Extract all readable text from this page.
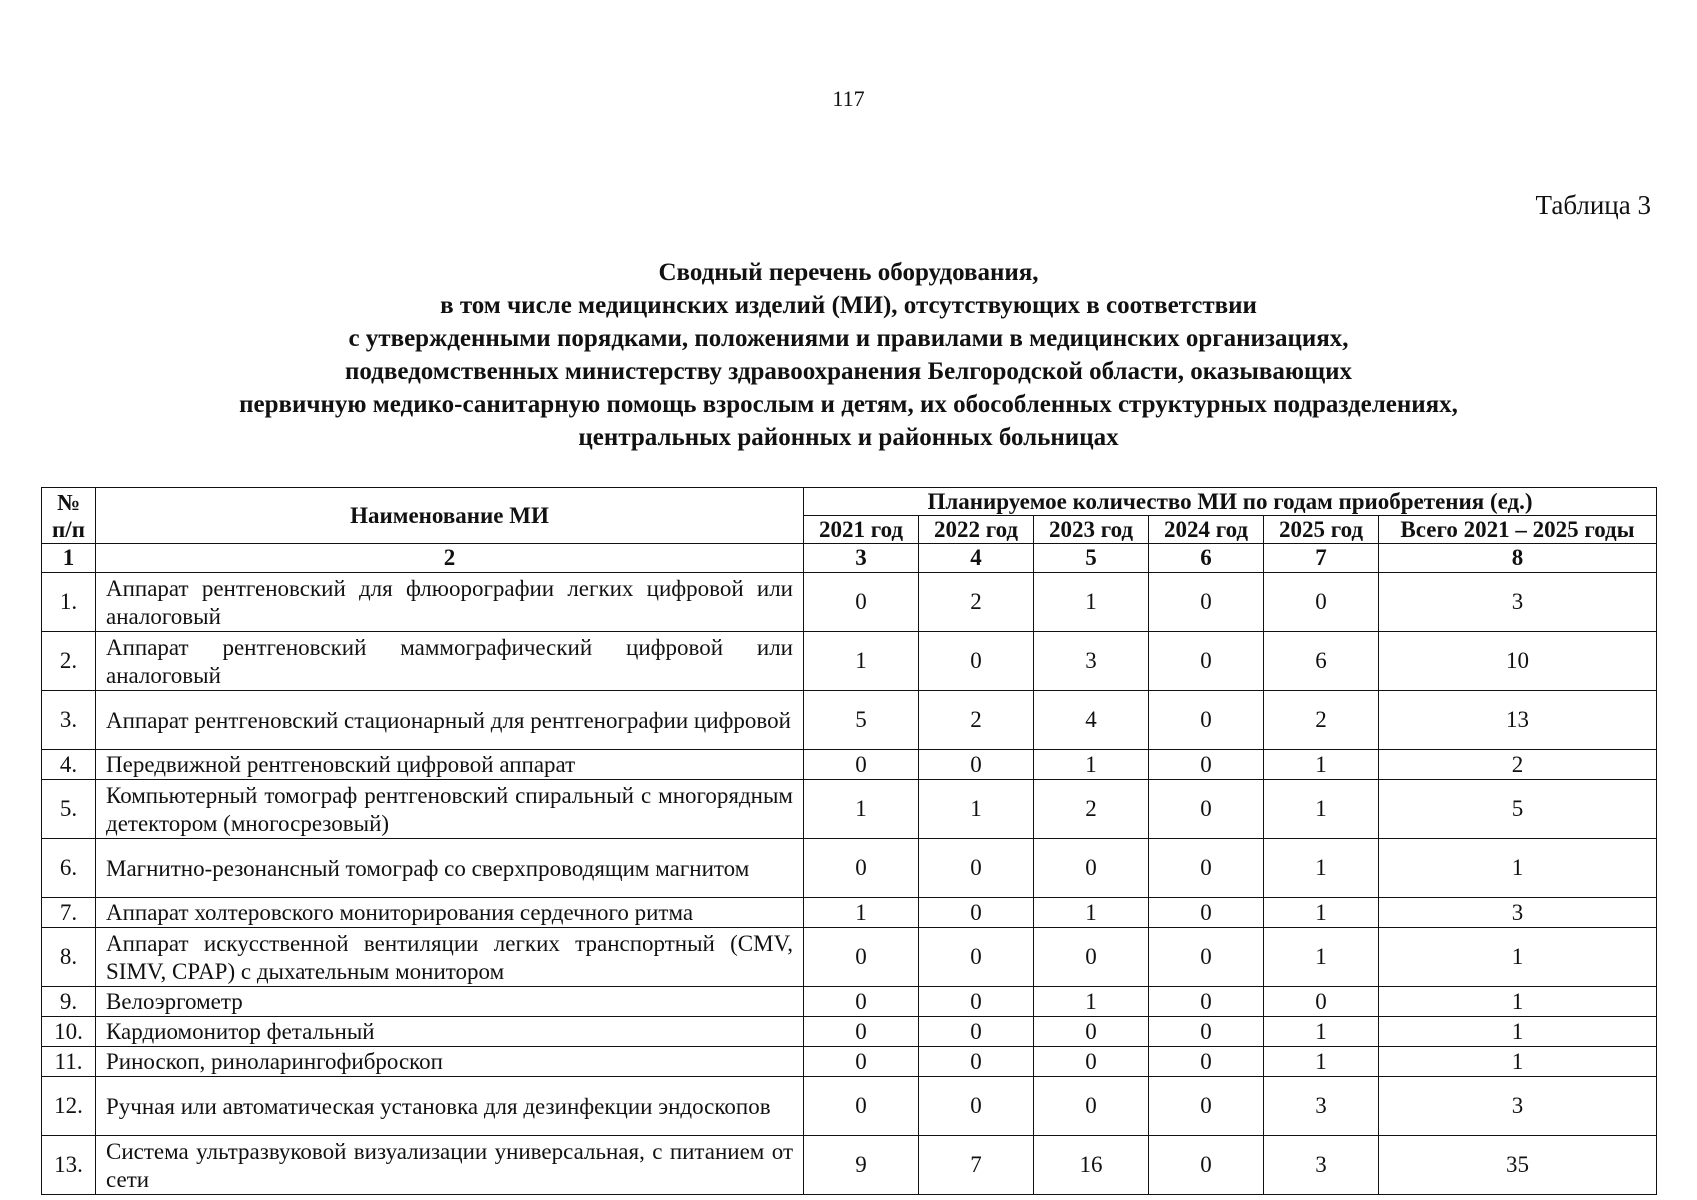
117
Таблица 3
Сводный перечень оборудования,
в том числе медицинских изделий (МИ), отсутствующих в соответствии
с утвержденными порядками, положениями и правилами в медицинских организациях,
подведомственных министерству здравоохранения Белгородской области, оказывающих
первичную медико-санитарную помощь взрослым и детям, их обособленных структурных подразделениях,
центральных районных и районных больницах
№ п/п	Наименование МИ	Планируемое количество МИ по годам приобретения (ед.)					
		2021 год	2022 год	2023 год	2024 год	2025 год	Всего 2021 – 2025 годы
1	2	3	4	5	6	7	8
1.	Аппарат рентгеновский для флюорографии легких цифровой или аналоговый	0	2	1	0	0	3
2.	Аппарат рентгеновский маммографический цифровой или аналоговый	1	0	3	0	6	10
3.	Аппарат рентгеновский стационарный для рентгенографии цифровой	5	2	4	0	2	13
4.	Передвижной рентгеновский цифровой аппарат	0	0	1	0	1	2
5.	Компьютерный томограф рентгеновский спиральный с многорядным детектором (многосрезовый)	1	1	2	0	1	5
6.	Магнитно-резонансный томограф со сверхпроводящим магнитом	0	0	0	0	1	1
7.	Аппарат холтеровского мониторирования сердечного ритма	1	0	1	0	1	3
8.	Аппарат искусственной вентиляции легких транспортный (CMV, SIMV, CPAP) с дыхательным монитором	0	0	0	0	1	1
9.	Велоэргометр	0	0	1	0	0	1
10.	Кардиомонитор фетальный	0	0	0	0	1	1
11.	Риноскоп, риноларингофиброскоп	0	0	0	0	1	1
12.	Ручная или автоматическая установка для дезинфекции эндоскопов	0	0	0	0	3	3
13.	Система ультразвуковой визуализации универсальная, с питанием от сети	9	7	16	0	3	35
